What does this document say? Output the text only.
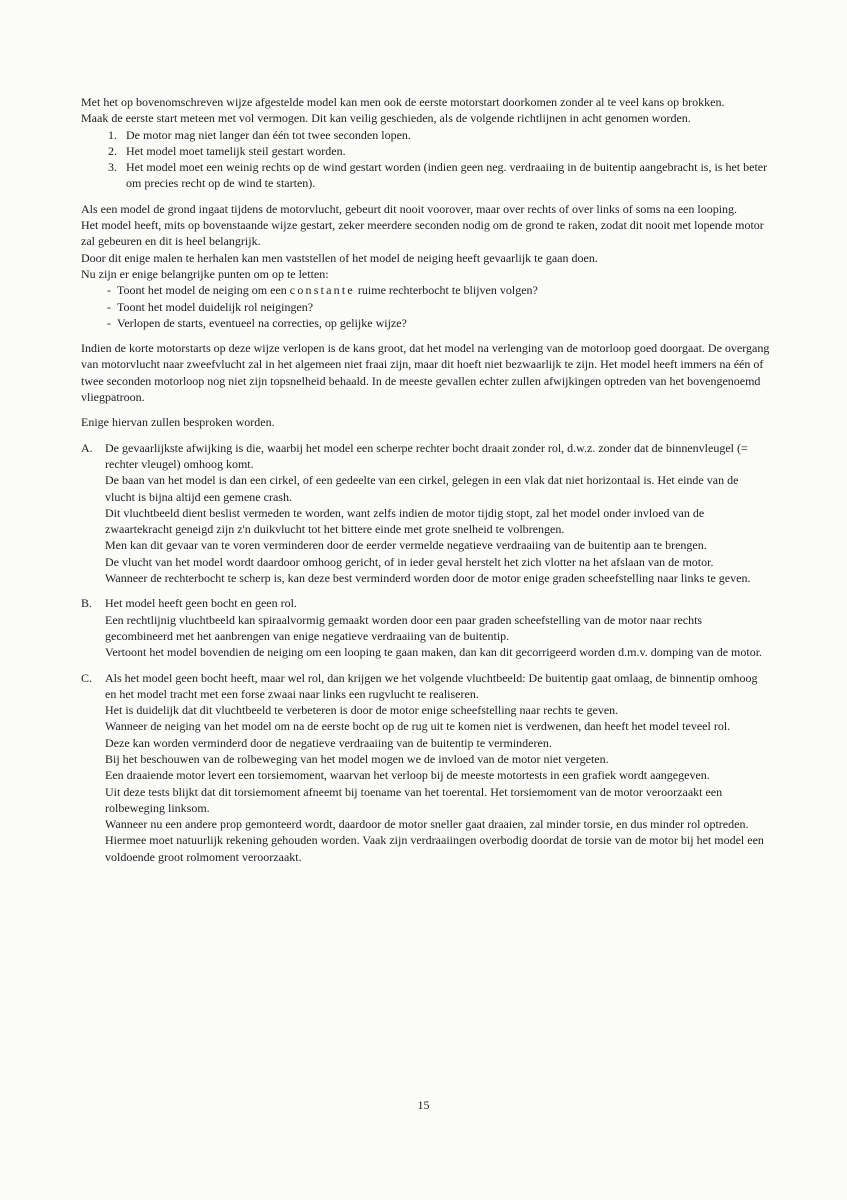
Met het op bovenomschreven wijze afgestelde model kan men ook de eerste motorstart doorkomen zonder al te veel kans op brokken.

Maak de eerste start meteen met vol vermogen. Dit kan veilig geschieden, als de volgende richtlijnen in acht genomen worden.

1. De motor mag niet langer dan één tot twee seconden lopen.
2. Het model moet tamelijk steil gestart worden.
3. Het model moet een weinig rechts op de wind gestart worden (indien geen neg. verdraaiing in de buitentip aangebracht is, is het beter om precies recht op de wind te starten).

Als een model de grond ingaat tijdens de motorvlucht, gebeurt dit nooit voorover, maar over rechts of over links of soms na een looping.

Het model heeft, mits op bovenstaande wijze gestart, zeker meerdere seconden nodig om de grond te raken, zodat dit nooit met lopende motor zal gebeuren en dit is heel belangrijk.

Door dit enige malen te herhalen kan men vaststellen of het model de neiging heeft gevaarlijk te gaan doen.

Nu zijn er enige belangrijke punten om op te letten:

- Toont het model de neiging om een constante ruime rechterbocht te blijven volgen?
- Toont het model duidelijk rol neigingen?
- Verlopen de starts, eventueel na correcties, op gelijke wijze?

Indien de korte motorstarts op deze wijze verlopen is de kans groot, dat het model na verlenging van de motorloop goed doorgaat. De overgang van motorvlucht naar zweefvlucht zal in het algemeen niet fraai zijn, maar dit hoeft niet bezwaarlijk te zijn. Het model heeft immers na één of twee seconden motorloop nog niet zijn topsnelheid behaald. In de meeste gevallen echter zullen afwijkingen optreden van het bovengenoemd vliegpatroon.

Enige hiervan zullen besproken worden.

A.	De gevaarlijkste afwijking is die, waarbij het model een scherpe rechter bocht draait zonder rol, d.w.z. zonder dat de binnenvleugel (= rechter vleugel) omhoog komt.

De baan van het model is dan een cirkel, of een gedeelte van een cirkel, gelegen in een vlak dat niet horizontaal is. Het einde van de vlucht is bijna altijd een gemene crash.

Dit vluchtbeeld dient beslist vermeden te worden, want zelfs indien de motor tijdig stopt, zal het model onder invloed van de zwaartekracht geneigd zijn z'n duikvlucht tot het bittere einde met grote snelheid te volbrengen.

Men kan dit gevaar van te voren verminderen door de eerder vermelde negatieve verdraaiing van de buitentip aan te brengen.

De vlucht van het model wordt daardoor omhoog gericht, of in ieder geval herstelt het zich vlotter na het afslaan van de motor.

Wanneer de rechterbocht te scherp is, kan deze best verminderd worden door de motor enige graden scheefstelling naar links te geven.

B.	Het model heeft geen bocht en geen rol.

Een rechtlijnig vluchtbeeld kan spiraalvormig gemaakt worden door een paar graden scheefstelling van de motor naar rechts gecombineerd met het aanbrengen van enige negatieve verdraaiing van de buitentip.

Vertoont het model bovendien de neiging om een looping te gaan maken, dan kan dit gecorrigeerd worden d.m.v. domping van de motor.

C.	Als het model geen bocht heeft, maar wel rol, dan krijgen we het volgende vluchtbeeld: De buitentip gaat omlaag, de binnentip omhoog en het model tracht met een forse zwaai naar links een rugvlucht te realiseren.

Het is duidelijk dat dit vluchtbeeld te verbeteren is door de motor enige scheefstelling naar rechts te geven.

Wanneer de neiging van het model om na de eerste bocht op de rug uit te komen niet is verdwenen, dan heeft het model teveel rol.

Deze kan worden verminderd door de negatieve verdraaiing van de buitentip te verminderen.

Bij het beschouwen van de rolbeweging van het model mogen we de invloed van de motor niet vergeten.

Een draaiende motor levert een torsiemoment, waarvan het verloop bij de meeste motortests in een grafiek wordt aangegeven.

Uit deze tests blijkt dat dit torsiemoment afneemt bij toename van het toerental. Het torsiemoment van de motor veroorzaakt een rolbeweging linksom.

Wanneer nu een andere prop gemonteerd wordt, daardoor de motor sneller gaat draaien, zal minder torsie, en dus minder rol optreden.

Hiermee moet natuurlijk rekening gehouden worden. Vaak zijn verdraaiingen overbodig doordat de torsie van de motor bij het model een voldoende groot rolmoment veroorzaakt.

15
